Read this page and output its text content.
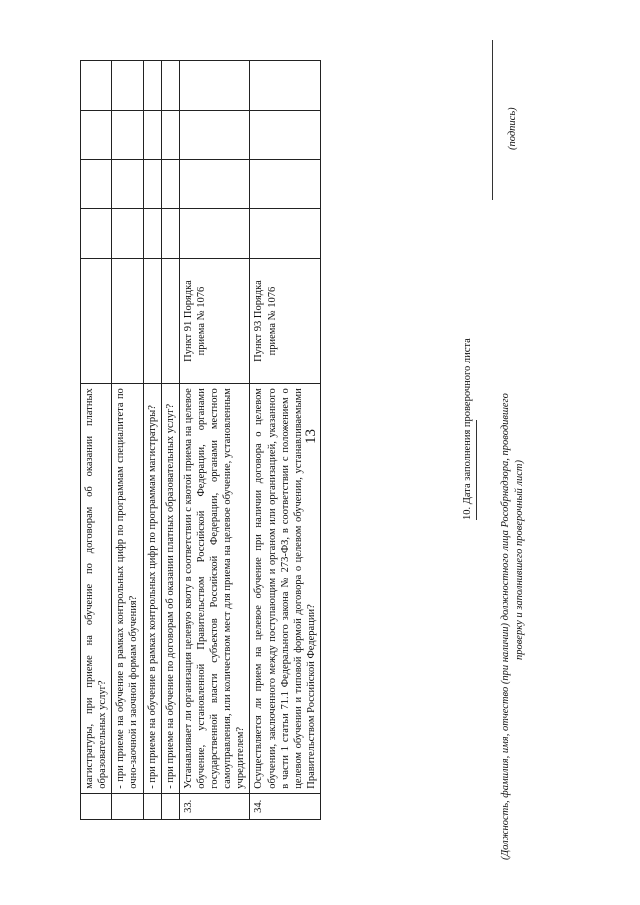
13
	магистратуры, при приеме на обучение по договорам об оказании платных образовательных услуг?					
	- при приеме на обучение в рамках контрольных цифр по программам специалитета по очно-заочной и заочной формам обучения?					
	- при приеме на обучение в рамках контрольных цифр по программам магистратуры?					
	- при приеме на обучение по договорам об оказании платных образовательных услуг?					
33.	Устанавливает ли организация целевую квоту в соответствии с квотой приема на целевое обучение, установленной Правительством Российской Федерации, органами государственной власти субъектов Российской Федерации, органами местного самоуправления, или количеством мест для приема на целевое обучение, установленным учредителем?	Пункт 91 Порядка приема № 1076				
34.	Осуществляется ли прием на целевое обучение при наличии договора о целевом обучении, заключенного между поступающим и органом или организацией, указанного в части 1 статьи 71.1 Федерального закона № 273-ФЗ, в соответствии с положением о целевом обучении и типовой формой договора о целевом обучении, устанавливаемыми Правительством Российской Федерации?	Пункт 93 Порядка приема № 1076				
10. Дата заполнения проверочного листа	(Должность, фамилия, имя, отчество (при наличии) должностного лица Рособрнадзора, проводившего проверку и заполнившего проверочный лист)
(подпись)
